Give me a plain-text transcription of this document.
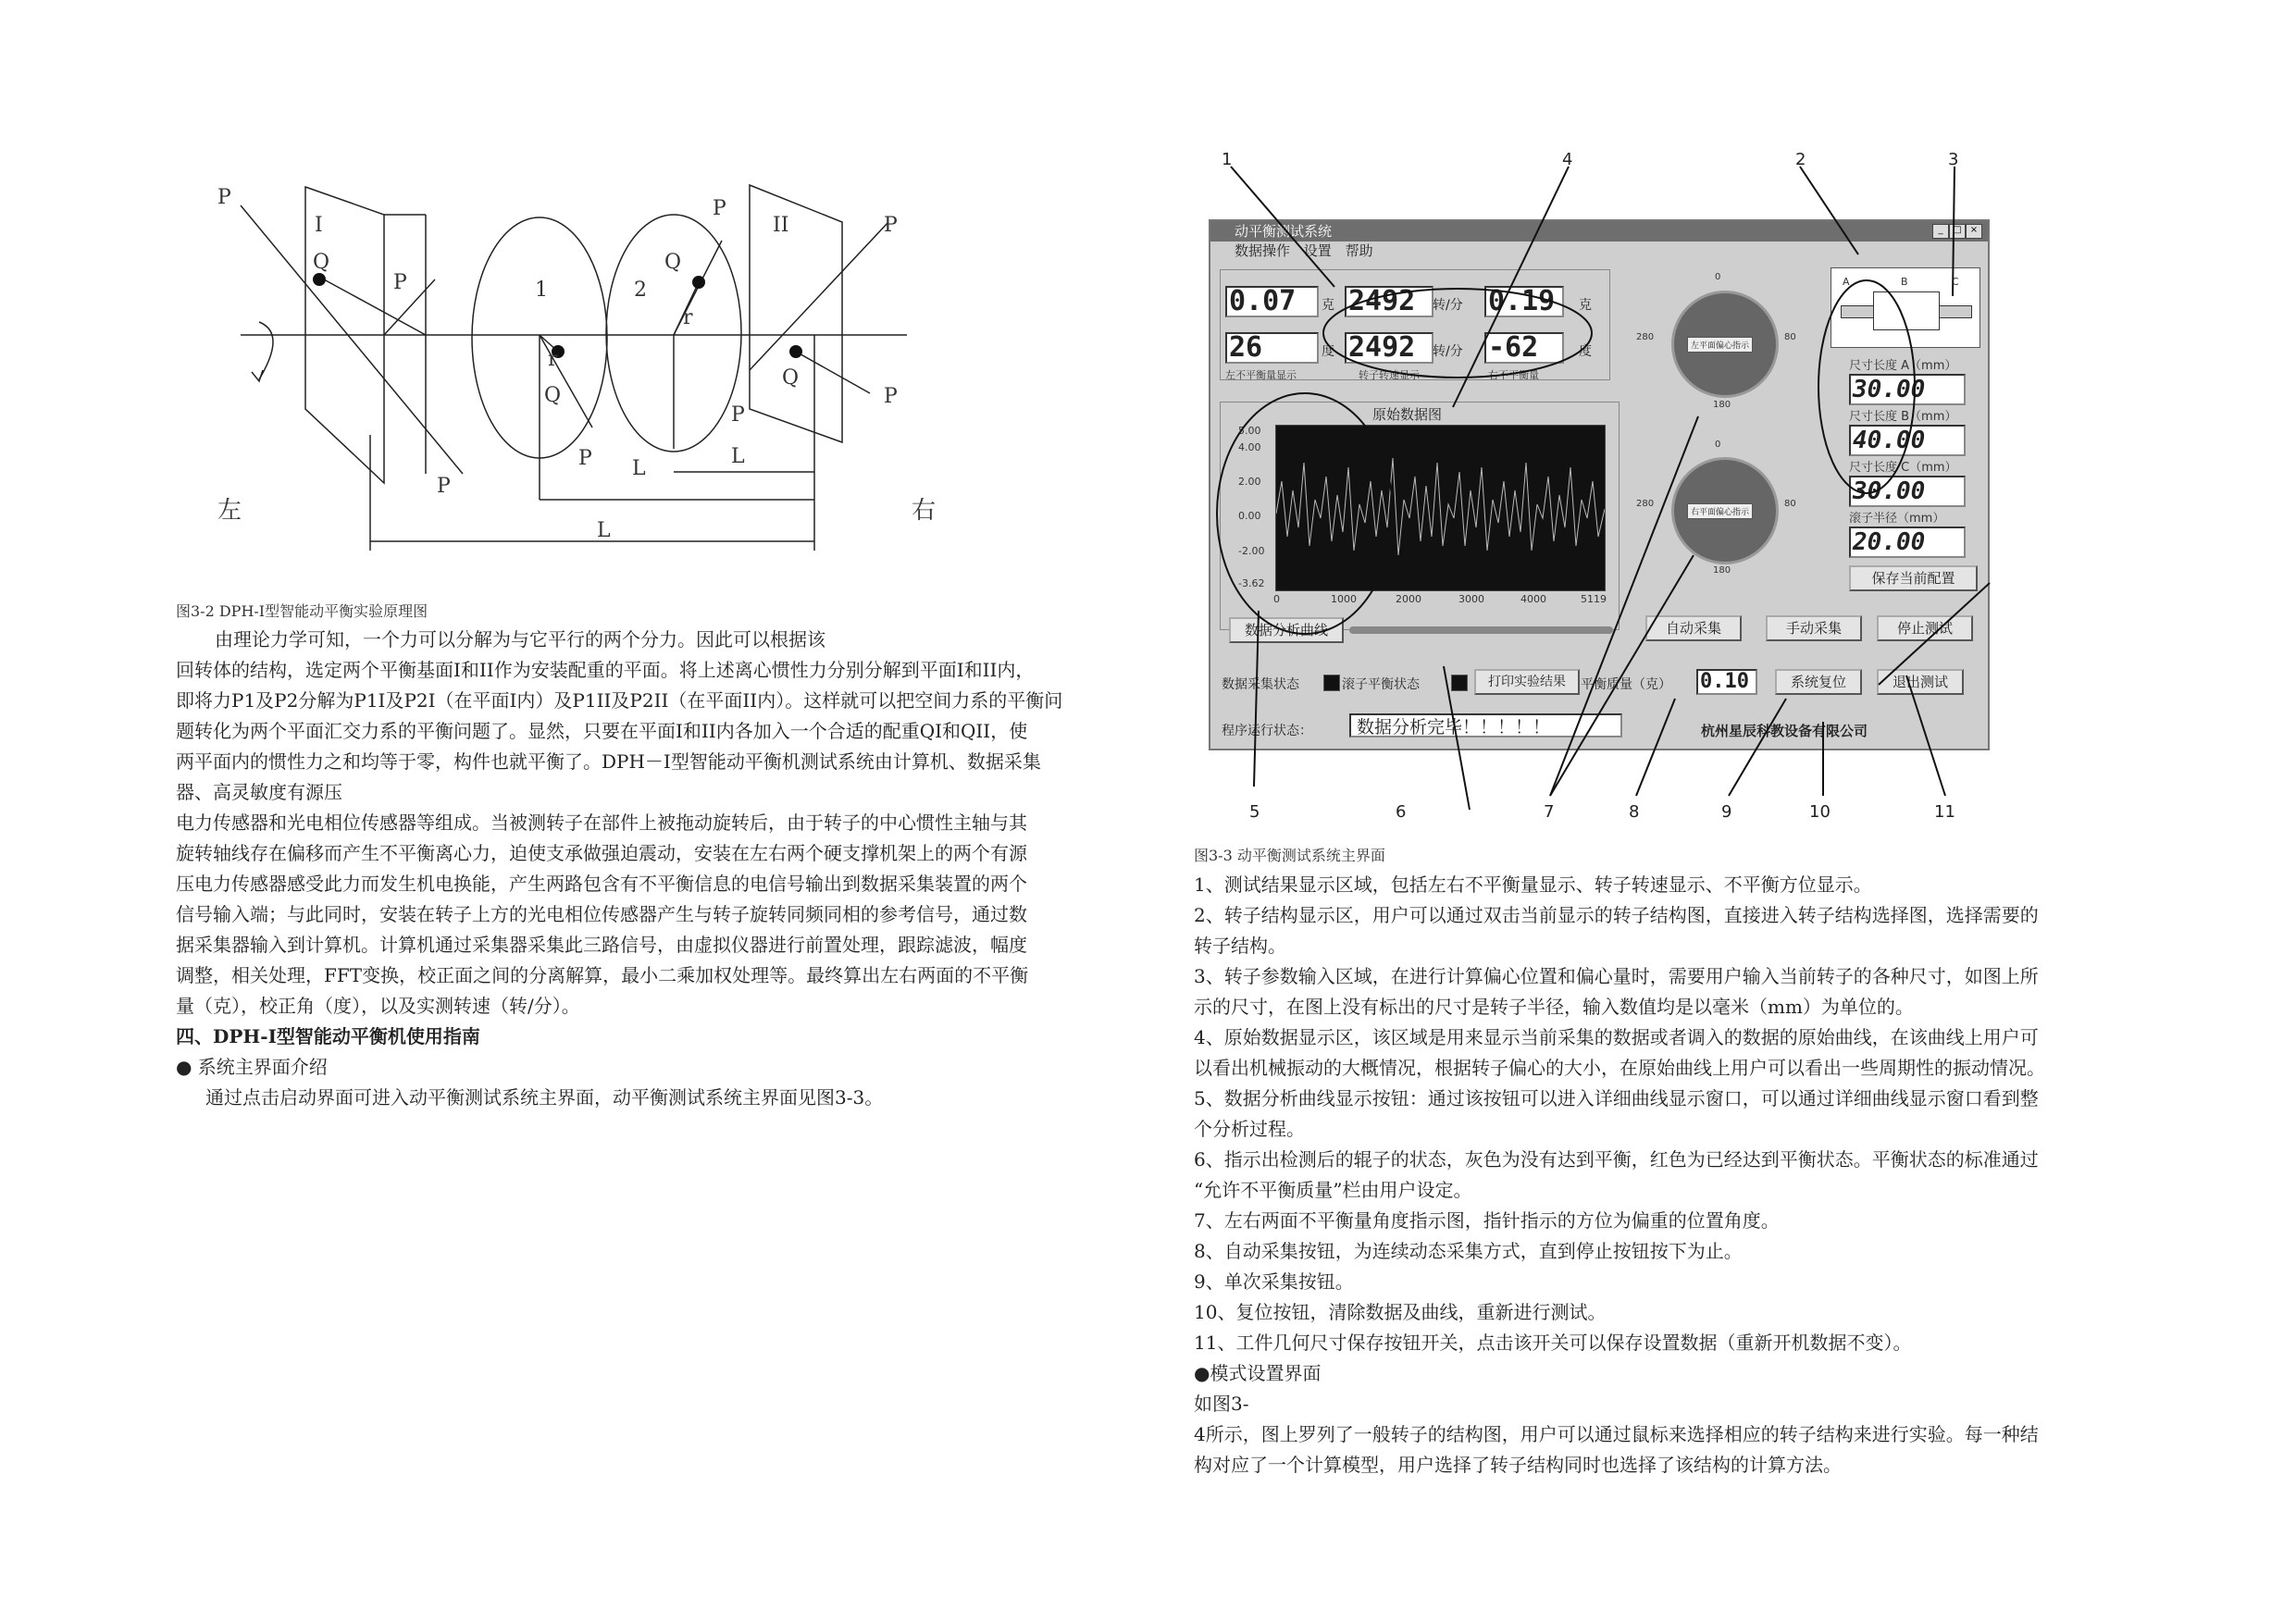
P
I
Q
P
P
1
r
Q
P L
2
Q
r
P
II	P
Q
P
P
L
L
左	右
图3-2 DPH-I型智能动平衡实验原理图
由理论力学可知，一个力可以分解为与它平行的两个分力。因此可以根据该
回转体的结构，选定两个平衡基面I和II作为安装配重的平面。将上述离心惯性力分别分解到平面I和II内，
即将力P1及P2分解为P1I及P2I（在平面I内）及P1II及P2II（在平面II内）。这样就可以把空间力系的平衡问
题转化为两个平面汇交力系的平衡问题了。显然，只要在平面I和II内各加入一个合适的配重QI和QII，使
两平面内的惯性力之和均等于零，构件也就平衡了。DPH－I型智能动平衡机测试系统由计算机、数据采集
器、高灵敏度有源压
电力传感器和光电相位传感器等组成。当被测转子在部件上被拖动旋转后，由于转子的中心惯性主轴与其
旋转轴线存在偏移而产生不平衡离心力，迫使支承做强迫震动，安装在左右两个硬支撑机架上的两个有源
压电力传感器感受此力而发生机电换能，产生两路包含有不平衡信息的电信号输出到数据采集装置的两个
信号输入端；与此同时，安装在转子上方的光电相位传感器产生与转子旋转同频同相的参考信号，通过数
据采集器输入到计算机。计算机通过采集器采集此三路信号，由虚拟仪器进行前置处理，跟踪滤波，幅度
调整，相关处理，FFT变换，校正面之间的分离解算，最小二乘加权处理等。最终算出左右两面的不平衡
量（克），校正角（度），以及实测转速（转/分）。
四、DPH-I型智能动平衡机使用指南
● 系统主界面介绍
通过点击启动界面可进入动平衡测试系统主界面，动平衡测试系统主界面见图3-3。
动平衡测试系统	_	□ ×
数据操作 设置 帮助
0.07	克 2492	转/分 0.19	克
26	度 2492	转/分 -62	度
左不平衡量显示	转子转速显示	右不平衡量
左平面偏心指示
右平面偏心指示
0
280	80
180
0
280	80
180
A	B	C
尺寸长度 A（mm）
30.00
尺寸长度 B（mm）
40.00
尺寸长度 C（mm）
30.00
滚子半径（mm）
20.00
保存当前配置
原始数据图
5.00
4.00
2.00
0.00
-2.00
-3.62
0	1000	2000	3000	4000	5119
数据分析曲线	自动采集	手动采集	停止测试
数据采集状态	滚子平衡状态	打印实验结果	平衡质量（克） 0.10	系统复位	退出测试
程序运行状态：	数据分析完毕！！！！！	杭州星辰科教设备有限公司
1	4	2	3
5	6	7	8	9	10	11
图3-3 动平衡测试系统主界面
1、测试结果显示区域，包括左右不平衡量显示、转子转速显示、不平衡方位显示。
2、转子结构显示区，用户可以通过双击当前显示的转子结构图，直接进入转子结构选择图，选择需要的
转子结构。
3、转子参数输入区域，在进行计算偏心位置和偏心量时，需要用户输入当前转子的各种尺寸，如图上所
示的尺寸，在图上没有标出的尺寸是转子半径，输入数值均是以毫米（mm）为单位的。
4、原始数据显示区，该区域是用来显示当前采集的数据或者调入的数据的原始曲线，在该曲线上用户可
以看出机械振动的大概情况，根据转子偏心的大小，在原始曲线上用户可以看出一些周期性的振动情况。
5、数据分析曲线显示按钮：通过该按钮可以进入详细曲线显示窗口，可以通过详细曲线显示窗口看到整
个分析过程。
6、指示出检测后的辊子的状态，灰色为没有达到平衡，红色为已经达到平衡状态。平衡状态的标准通过
“允许不平衡质量”栏由用户设定。
7、左右两面不平衡量角度指示图，指针指示的方位为偏重的位置角度。
8、自动采集按钮，为连续动态采集方式，直到停止按钮按下为止。
9、单次采集按钮。
10、复位按钮，清除数据及曲线，重新进行测试。
11、工件几何尺寸保存按钮开关，点击该开关可以保存设置数据（重新开机数据不变）。
●模式设置界面
如图3-
4所示，图上罗列了一般转子的结构图，用户可以通过鼠标来选择相应的转子结构来进行实验。每一种结
构对应了一个计算模型，用户选择了转子结构同时也选择了该结构的计算方法。
